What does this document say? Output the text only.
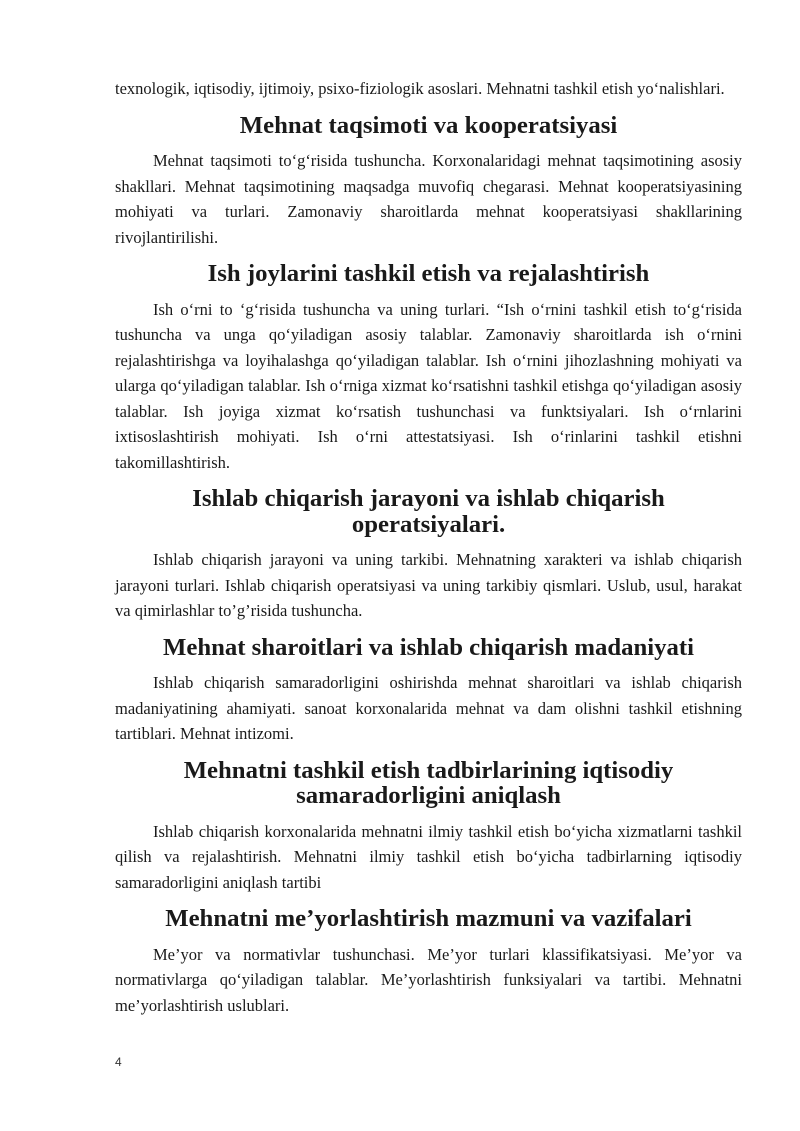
texnologik, iqtisodiy, ijtimoiy, psixo-fiziologik asoslari. Mehnatni tashkil etish yo‘nalishlari.

Mehnat taqsimoti va kooperatsiyasi

Mehnat taqsimoti to‘g‘risida tushuncha. Korxonalaridagi mehnat taqsimotining asosiy shakllari. Mehnat taqsimotining maqsadga muvofiq chegarasi. Mehnat kooperatsiyasining mohiyati va turlari. Zamonaviy sharoitlarda mehnat kooperatsiyasi shakllarining rivojlantirilishi.

Ish joylarini tashkil etish va rejalashtirish

Ish o‘rni to ‘g‘risida tushuncha va uning turlari. “Ish o‘rnini tashkil etish to‘g‘risida tushuncha va unga qo‘yiladigan asosiy talablar. Zamonaviy sharoitlarda ish o‘rnini rejalashtirishga va loyihalashga qo‘yiladigan talablar. Ish o‘rnini jihozlashning mohiyati va ularga qo‘yiladigan talablar. Ish o‘rniga xizmat ko‘rsatishni tashkil etishga qo‘yiladigan asosiy talablar. Ish joyiga xizmat ko‘rsatish tushunchasi va funktsiyalari. Ish o‘rnlarini ixtisoslashtirish mohiyati. Ish o‘rni attestatsiyasi. Ish o‘rinlarini tashkil etishni takomillashtirish.

Ishlab chiqarish jarayoni va ishlab chiqarish operatsiyalari.

Ishlab chiqarish jarayoni va uning tarkibi. Mehnatning xarakteri va ishlab chiqarish jarayoni turlari. Ishlab chiqarish operatsiyasi va uning tarkibiy qismlari. Uslub, usul, harakat va qimirlashlar to’g’risida tushuncha.

Mehnat sharoitlari va ishlab chiqarish madaniyati

Ishlab chiqarish samaradorligini oshirishda mehnat sharoitlari va ishlab chiqarish madaniyatining ahamiyati. sanoat korxonalarida mehnat va dam olishni tashkil etishning tartiblari. Mehnat intizomi.

Mehnatni tashkil etish tadbirlarining iqtisodiy samaradorligini aniqlash

Ishlab chiqarish korxonalarida mehnatni ilmiy tashkil etish bo‘yicha xizmatlarni tashkil qilish va rejalashtirish. Mehnatni ilmiy tashkil etish bo‘yicha tadbirlarning iqtisodiy samaradorligini aniqlash tartibi

Mehnatni me’yorlashtirish mazmuni va vazifalari

Me’yor va normativlar tushunchasi. Me’yor turlari klassifikatsiyasi. Me’yor va normativlarga qo‘yiladigan talablar. Me’yorlashtirish funksiyalari va tartibi. Mehnatni me’yorlashtirish uslublari.

4
